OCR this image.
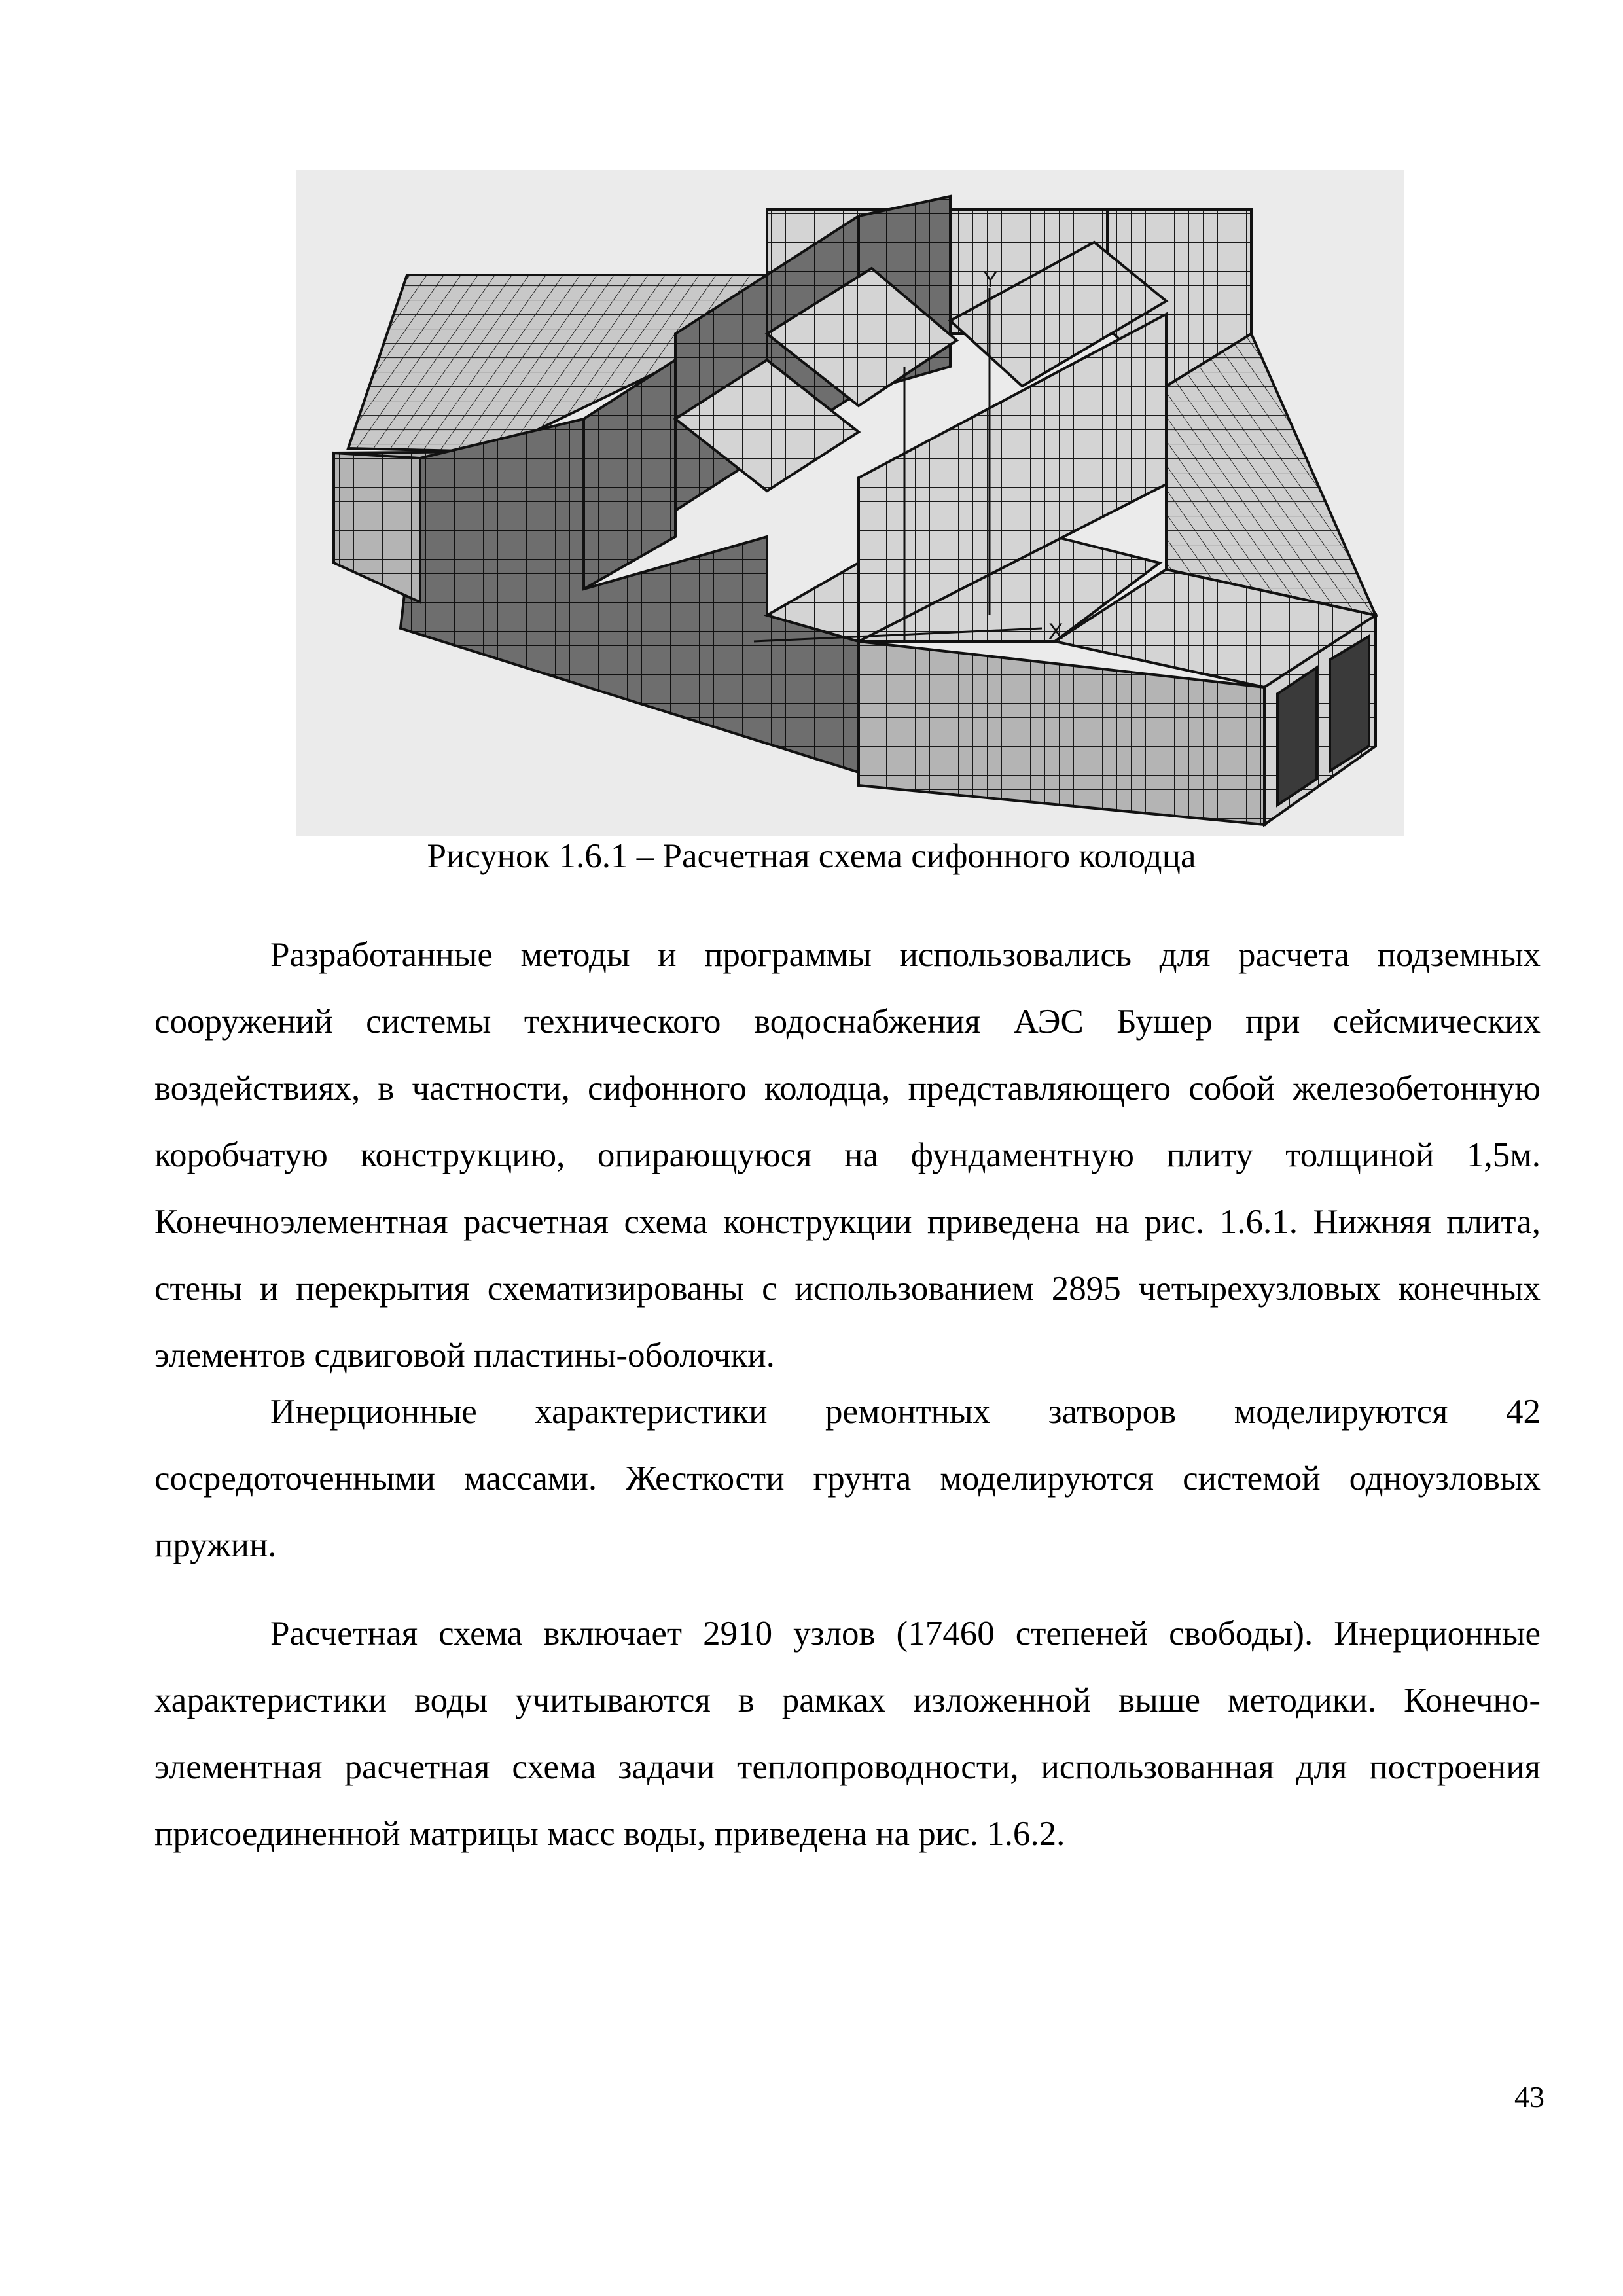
Y
X
Рисунок 1.6.1 – Расчетная схема сифонного колодца

Разработанные методы и программы использовались для расчета подземных сооружений системы технического водоснабжения АЭС Бушер при сейсмических воздействиях, в частности, сифонного колодца, представляющего собой железобетонную коробчатую конструкцию, опирающуюся на фундаментную плиту толщиной 1,5м. Конечноэлементная расчетная схема конструкции приведена на рис. 1.6.1. Нижняя плита, стены и перекрытия схематизированы с использованием 2895 четырехузловых конечных элементов сдвиговой пластины-оболочки.

Инерционные характеристики ремонтных затворов моделируются 42 сосредоточенными массами. Жесткости грунта моделируются системой одноузловых пружин.

Расчетная схема включает 2910 узлов (17460 степеней свободы). Инерционные характеристики воды учитываются в рамках изложенной выше методики. Конечно-элементная расчетная схема задачи теплопроводности, использованная для построения присоединенной матрицы масс воды, приведена на рис. 1.6.2.

43
